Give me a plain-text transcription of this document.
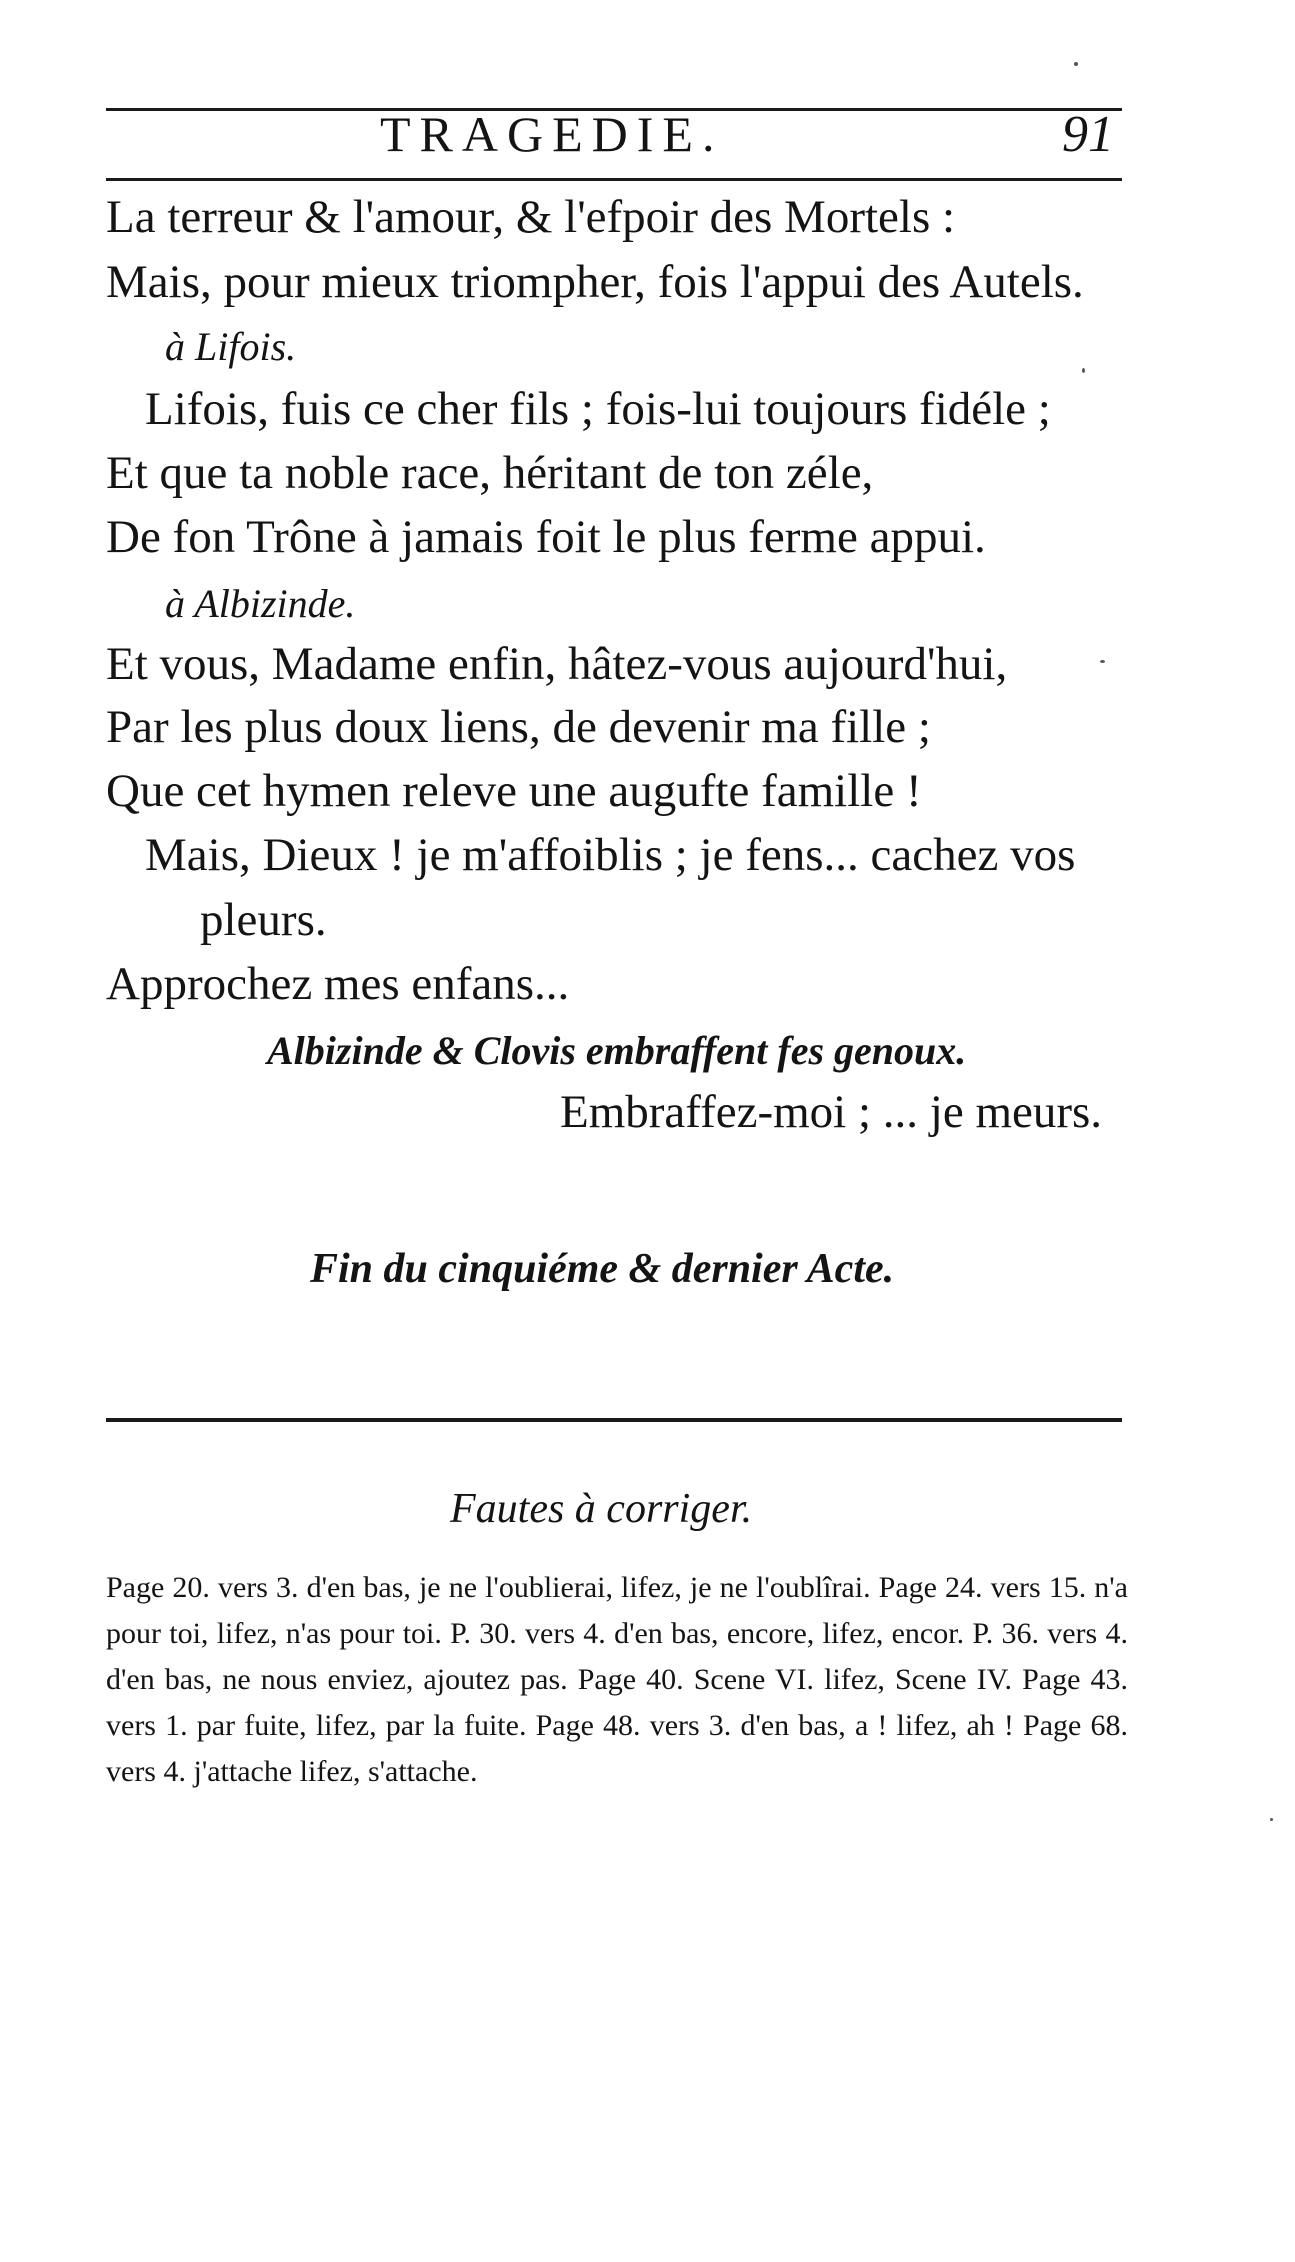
TRAGEDIE.	91
La terreur & l'amour, & l'efpoir des Mortels :
Mais, pour mieux triompher, fois l'appui des Autels.
à Lifois.
Lifois, fuis ce cher fils ; fois-lui toujours fidéle ;
Et que ta noble race, héritant de ton zéle,
De fon Trône à jamais foit le plus ferme appui.
à Albizinde.
Et vous, Madame enfin, hâtez-vous aujourd'hui,
Par les plus doux liens, de devenir ma fille ;
Que cet hymen releve une augufte famille !
Mais, Dieux ! je m'affoiblis ; je fens... cachez vos
pleurs.
Approchez mes enfans...
Albizinde & Clovis embraffent fes genoux.
Embraffez-moi ; ... je meurs.
Fin du cinquiéme & dernier Acte.
Fautes à corriger.
Page 20. vers 3. d'en bas, je ne l'oublierai, lifez, je ne l'oublîrai. Page 24. vers 15. n'a pour toi, lifez, n'as pour toi. P. 30. vers 4. d'en bas, encore, lifez, encor. P. 36. vers 4. d'en bas, ne nous enviez, ajoutez pas. Page 40. Scene VI. lifez, Scene IV. Page 43. vers 1. par fuite, lifez, par la fuite. Page 48. vers 3. d'en bas, a ! lifez, ah ! Page 68. vers 4. j'attache lifez, s'attache.
